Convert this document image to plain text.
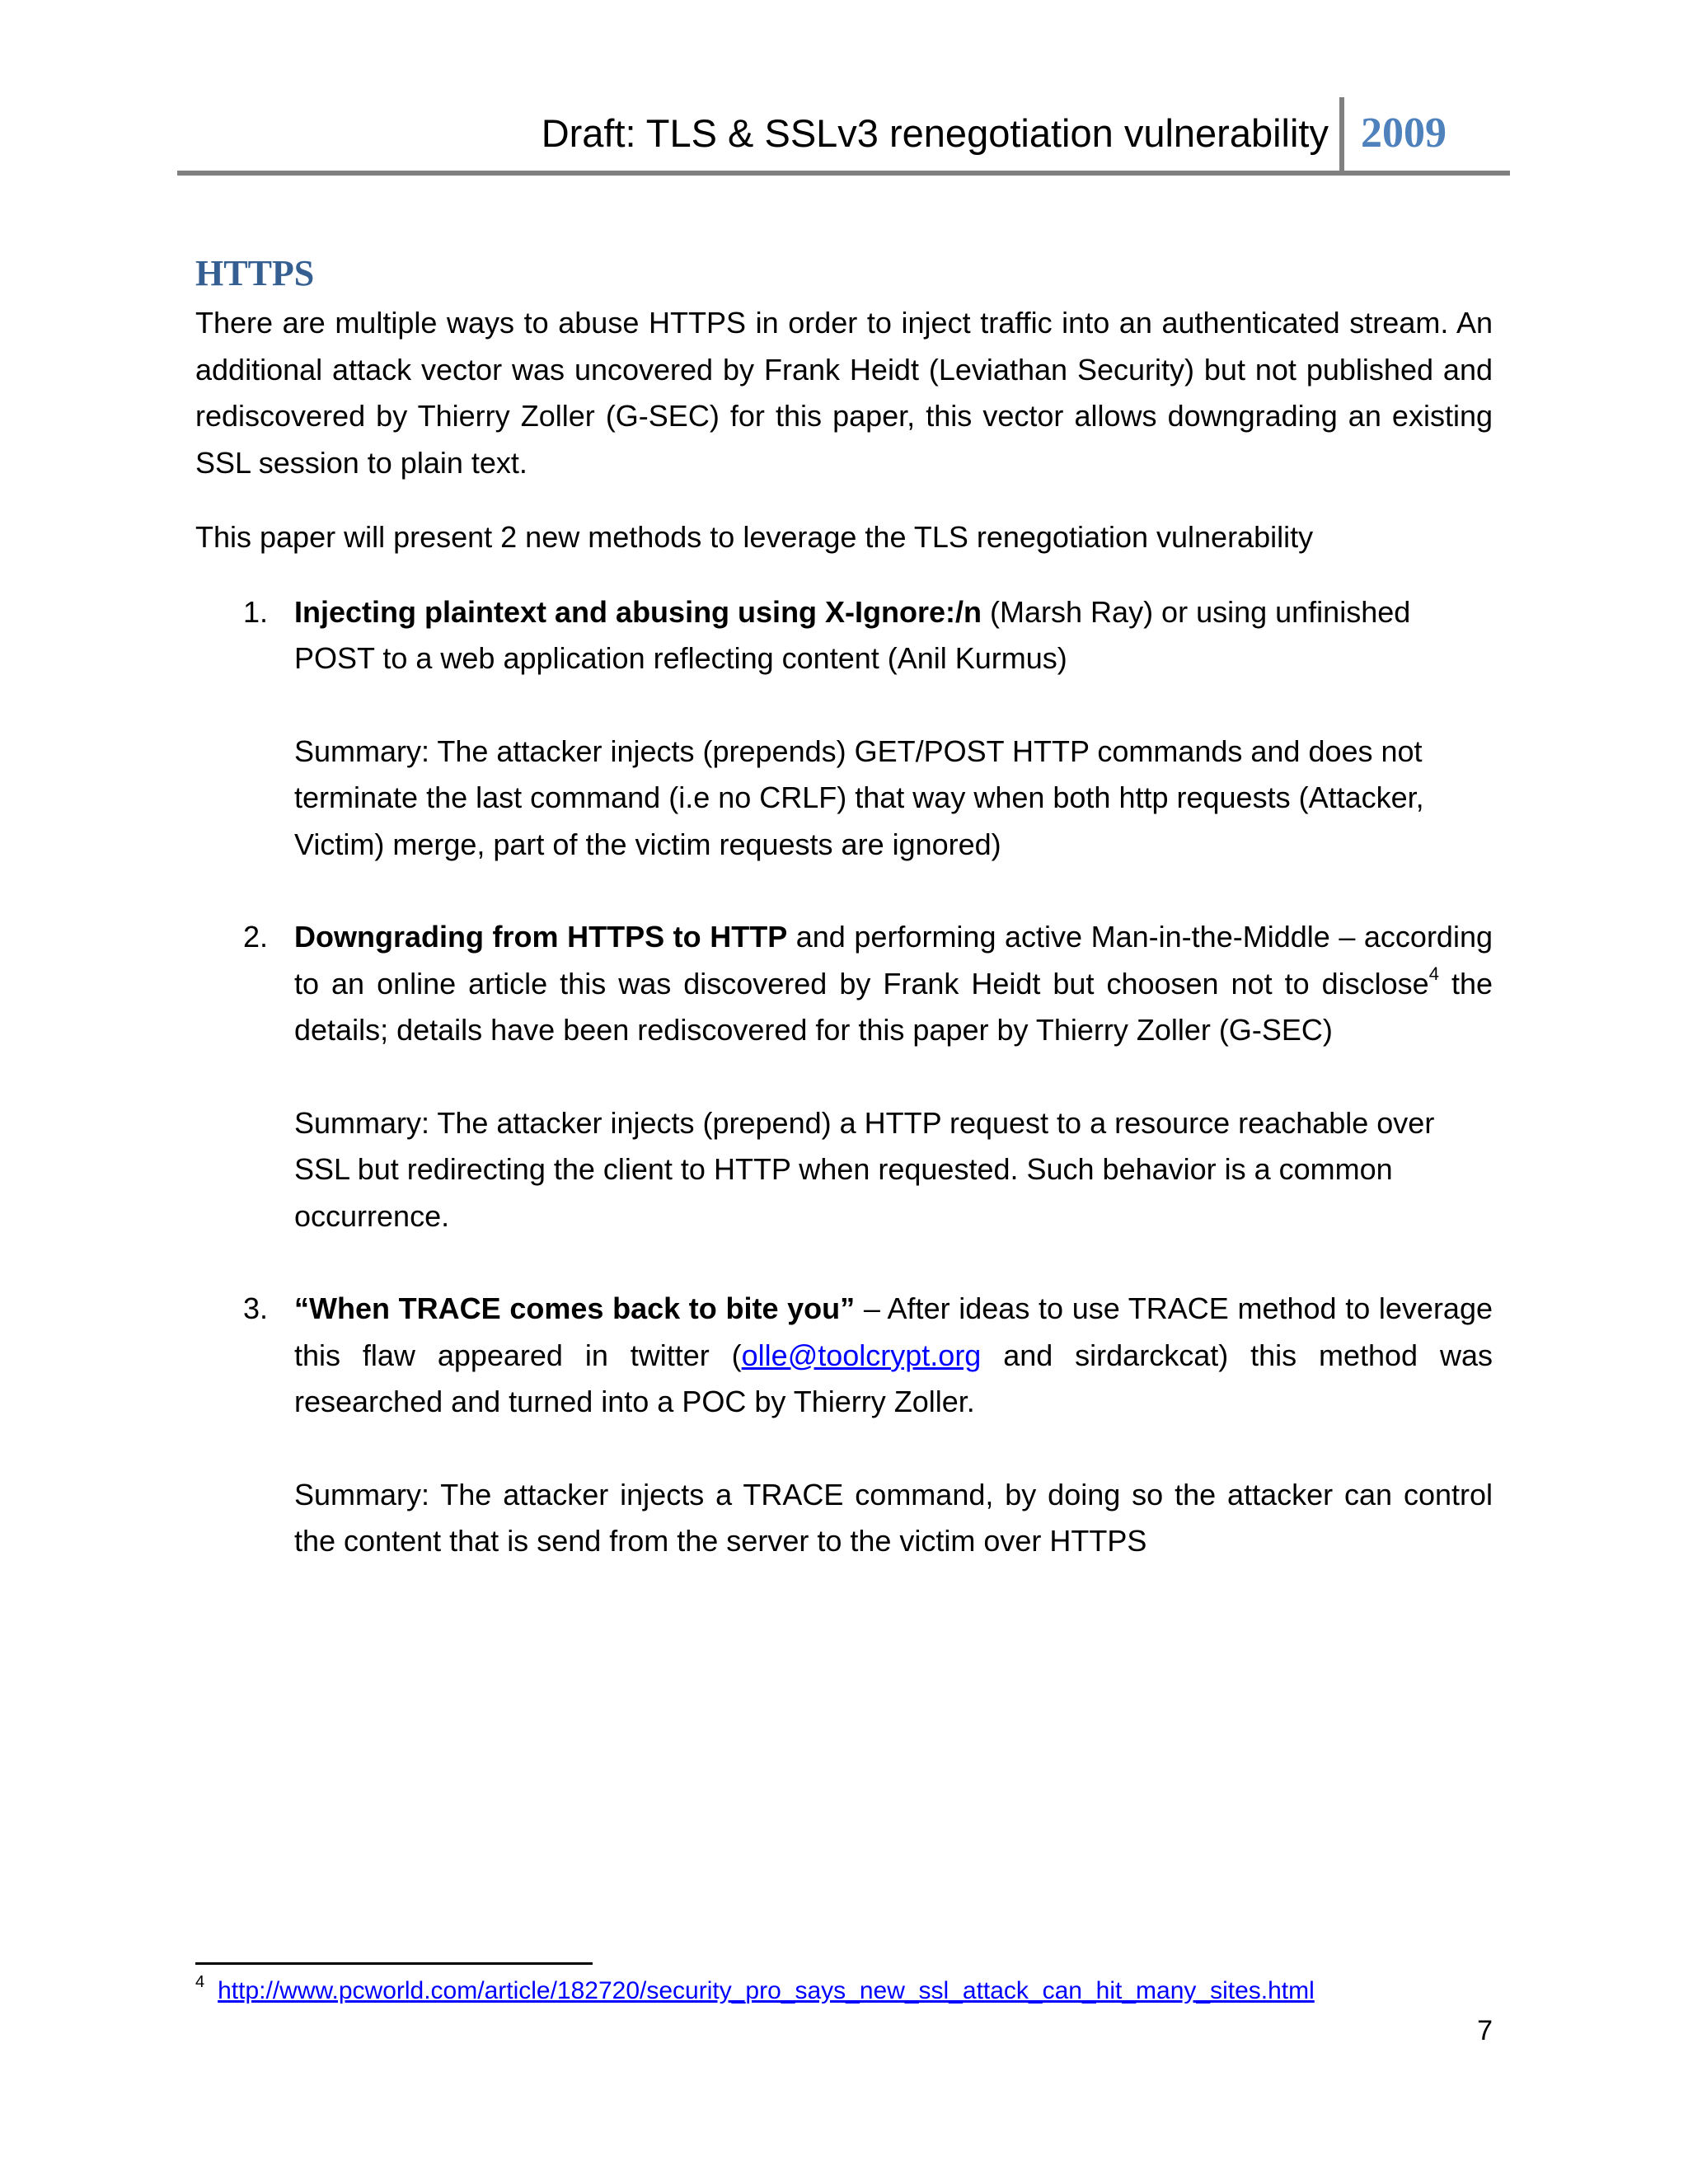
Draft: TLS & SSLv3 renegotiation vulnerability 2009
HTTPS

There are multiple ways to abuse HTTPS in order to inject traffic into an authenticated stream. An additional attack vector was uncovered by Frank Heidt (Leviathan Security) but not published and rediscovered by Thierry Zoller (G-SEC) for this paper, this vector allows downgrading an existing SSL session to plain text.

This paper will present 2 new methods to leverage the TLS renegotiation vulnerability

1. Injecting plaintext and abusing using X-Ignore:/n (Marsh Ray) or using unfinished POST to a web application reflecting content (Anil Kurmus)

Summary: The attacker injects (prepends) GET/POST HTTP commands and does not terminate the last command (i.e no CRLF) that way when both http requests (Attacker, Victim) merge, part of the victim requests are ignored)

2. Downgrading from HTTPS to HTTP and performing active Man-in-the-Middle – according to an online article this was discovered by Frank Heidt but choosen not to disclose$^4$ the details; details have been rediscovered for this paper by Thierry Zoller (G-SEC)

Summary: The attacker injects (prepend) a HTTP request to a resource reachable over SSL but redirecting the client to HTTP when requested. Such behavior is a common occurrence.

3. “When TRACE comes back to bite you” – After ideas to use TRACE method to leverage this flaw appeared in twitter (olle@toolcrypt.org and sirdarckcat) this method was researched and turned into a POC by Thierry Zoller.

Summary: The attacker injects a TRACE command, by doing so the attacker can control the content that is send from the server to the victim over HTTPS

$^4$ http://www.pcworld.com/article/182720/security_pro_says_new_ssl_attack_can_hit_many_sites.html
7
